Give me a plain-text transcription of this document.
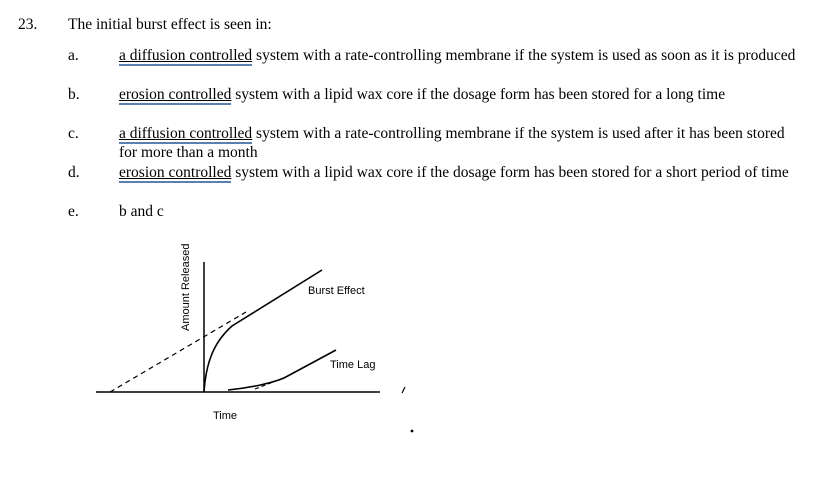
23. The initial burst effect is seen in:
a.	a diffusion controlled system with a rate-controlling membrane if the system is used as soon as it is produced
b.	erosion controlled system with a lipid wax core if the dosage form has been stored for a long time
c.	a diffusion controlled system with a rate-controlling membrane if the system is used after it has been stored for more than a month
d.	erosion controlled system with a lipid wax core if the dosage form has been stored for a short period of time
e.	b and c
Amount Released
Time
Burst Effect
Time Lag
